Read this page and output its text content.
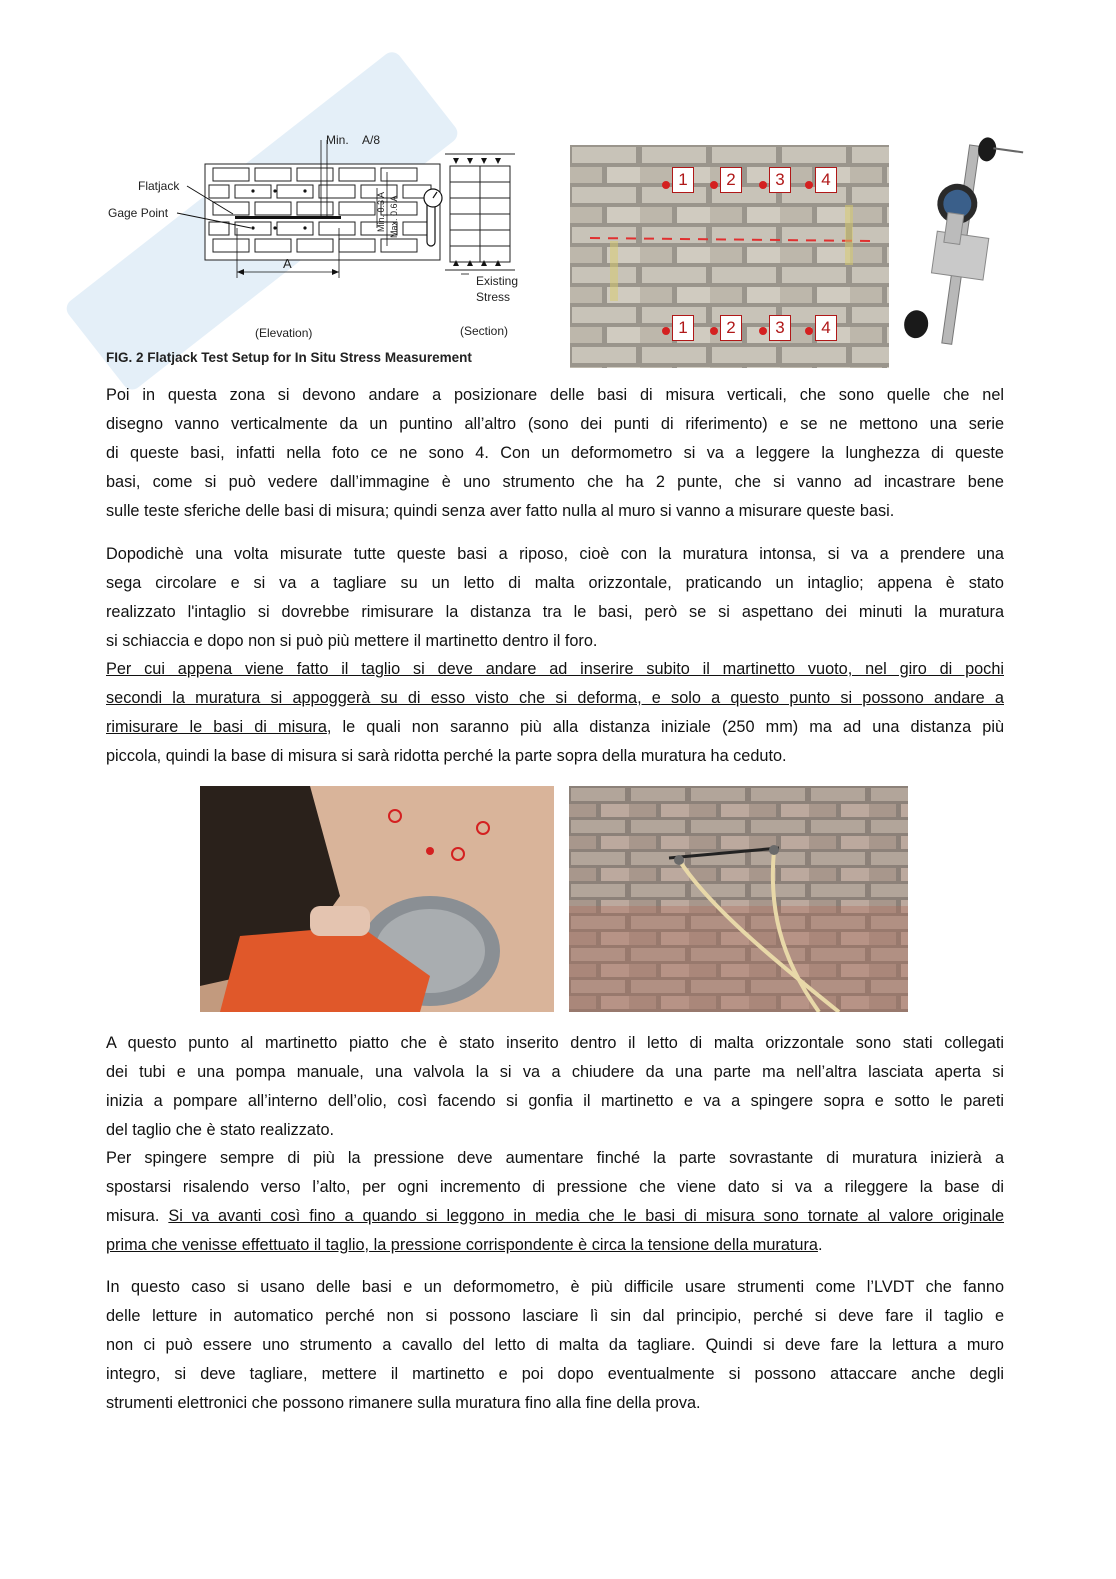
Min. A/8
Flatjack
Gage Point
A
Min. 0.3 A Max. 0.6 A
Existing
Stress
(Elevation)	(Section)
FIG. 2 Flatjack Test Setup for In Situ Stress Measurement
1	2	3	4
1	2	3	4
Poi in questa zona si devono andare a posizionare delle basi di misura verticali, che sono quelle che nel
disegno vanno verticalmente da un puntino all’altro (sono dei punti di riferimento) e se ne mettono una serie
di queste basi, infatti nella foto ce ne sono 4. Con un deformometro si va a leggere la lunghezza di queste
basi, come si può vedere dall’immagine è uno strumento che ha 2 punte, che si vanno ad incastrare bene
sulle teste sferiche delle basi di misura; quindi senza aver fatto nulla al muro si vanno a misurare queste basi.
Dopodichè una volta misurate tutte queste basi a riposo, cioè con la muratura intonsa, si va a prendere una
sega circolare e si va a tagliare su un letto di malta orizzontale, praticando un intaglio; appena è stato
realizzato l'intaglio si dovrebbe rimisurare la distanza tra le basi, però se si aspettano dei minuti la muratura
si schiaccia e dopo non si può più mettere il martinetto dentro il foro.
Per cui appena viene fatto il taglio si deve andare ad inserire subito il martinetto vuoto, nel giro di pochi
secondi la muratura si appoggerà su di esso visto che si deforma, e solo a questo punto si possono andare a
rimisurare le basi di misura, le quali non saranno più alla distanza iniziale (250 mm) ma ad una distanza più
piccola, quindi la base di misura si sarà ridotta perché la parte sopra della muratura ha ceduto.
A questo punto al martinetto piatto che è stato inserito dentro il letto di malta orizzontale sono stati collegati
dei tubi e una pompa manuale, una valvola la si va a chiudere da una parte ma nell’altra lasciata aperta si
inizia a pompare all’interno dell’olio, così facendo si gonfia il martinetto e va a spingere sopra e sotto le pareti
del taglio che è stato realizzato.
Per spingere sempre di più la pressione deve aumentare finché la parte sovrastante di muratura inizierà a
spostarsi risalendo verso l’alto, per ogni incremento di pressione che viene dato si va a rileggere la base di
misura. Si va avanti così fino a quando si leggono in media che le basi di misura sono tornate al valore originale
prima che venisse effettuato il taglio, la pressione corrispondente è circa la tensione della muratura.
In questo caso si usano delle basi e un deformometro, è più difficile usare strumenti come l’LVDT che fanno
delle letture in automatico perché non si possono lasciare lì sin dal principio, perché si deve fare il taglio e
non ci può essere uno strumento a cavallo del letto di malta da tagliare. Quindi si deve fare la lettura a muro
integro, si deve tagliare, mettere il martinetto e poi dopo eventualmente si possono attaccare anche degli
strumenti elettronici che possono rimanere sulla muratura fino alla fine della prova.
